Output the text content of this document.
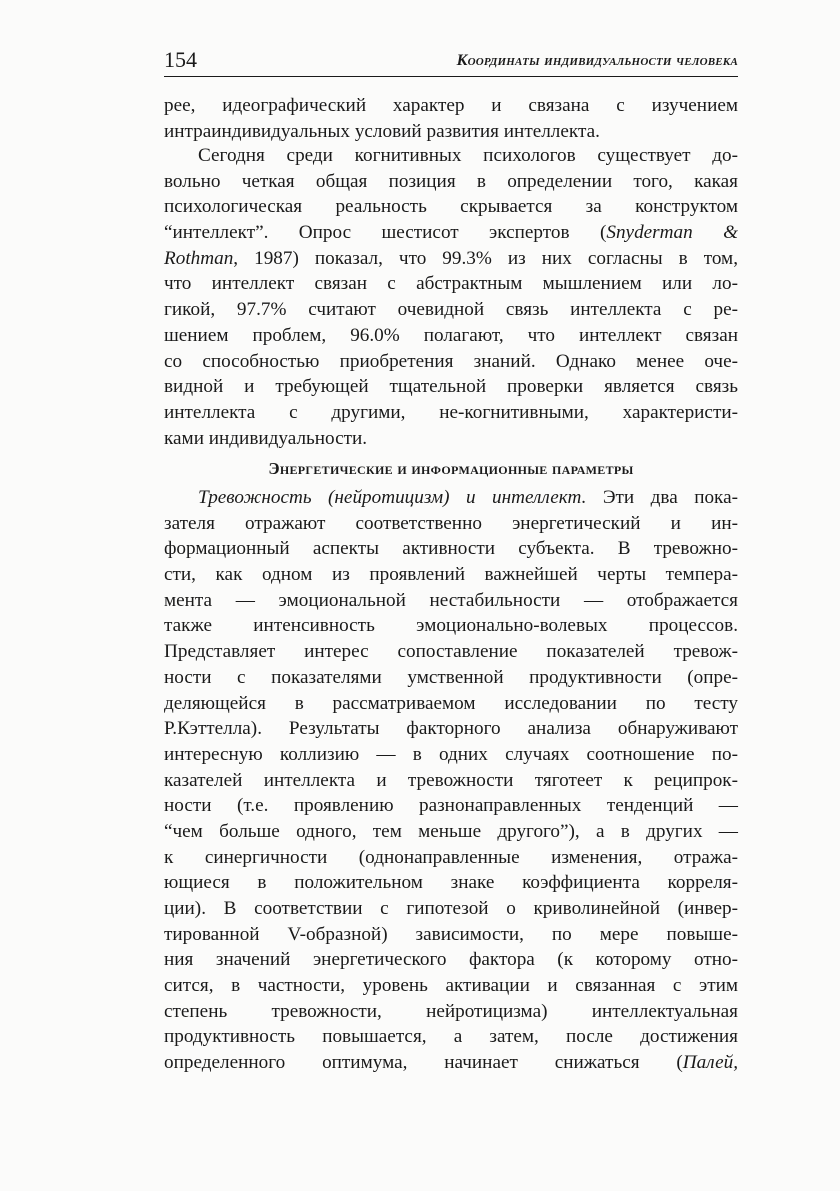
154	Координаты индивидуальности человека
рее, идеографический характер и связана с изучением
интраиндивидуальных условий развития интеллекта.
Сегодня среди когнитивных психологов существует до-
вольно четкая общая позиция в определении того, какая
психологическая реальность скрывается за конструктом
“интеллект”. Опрос шестисот экспертов (Snyderman &
Rothman, 1987) показал, что 99.3% из них согласны в том,
что интеллект связан с абстрактным мышлением или ло-
гикой, 97.7% считают очевидной связь интеллекта с ре-
шением проблем, 96.0% полагают, что интеллект связан
со способностью приобретения знаний. Однако менее оче-
видной и требующей тщательной проверки является связь
интеллекта с другими, не-когнитивными, характеристи-
ками индивидуальности.
Энергетические и информационные параметры
Тревожность (нейротицизм) и интеллект. Эти два пока-
зателя отражают соответственно энергетический и ин-
формационный аспекты активности субъекта. В тревожно-
сти, как одном из проявлений важнейшей черты темпера-
мента — эмоциональной нестабильности — отображается
также интенсивность эмоционально-волевых процессов.
Представляет интерес сопоставление показателей тревож-
ности с показателями умственной продуктивности (опре-
деляющейся в рассматриваемом исследовании по тесту
Р.Кэттелла). Результаты факторного анализа обнаруживают
интересную коллизию — в одних случаях соотношение по-
казателей интеллекта и тревожности тяготеет к реципрок-
ности (т.е. проявлению разнонаправленных тенденций —
“чем больше одного, тем меньше другого”), а в других —
к синергичности (однонаправленные изменения, отража-
ющиеся в положительном знаке коэффициента корреля-
ции). В соответствии с гипотезой о криволинейной (инвер-
тированной V-образной) зависимости, по мере повыше-
ния значений энергетического фактора (к которому отно-
сится, в частности, уровень активации и связанная с этим
степень тревожности, нейротицизма) интеллектуальная
продуктивность повышается, а затем, после достижения
определенного оптимума, начинает снижаться (Палей,
